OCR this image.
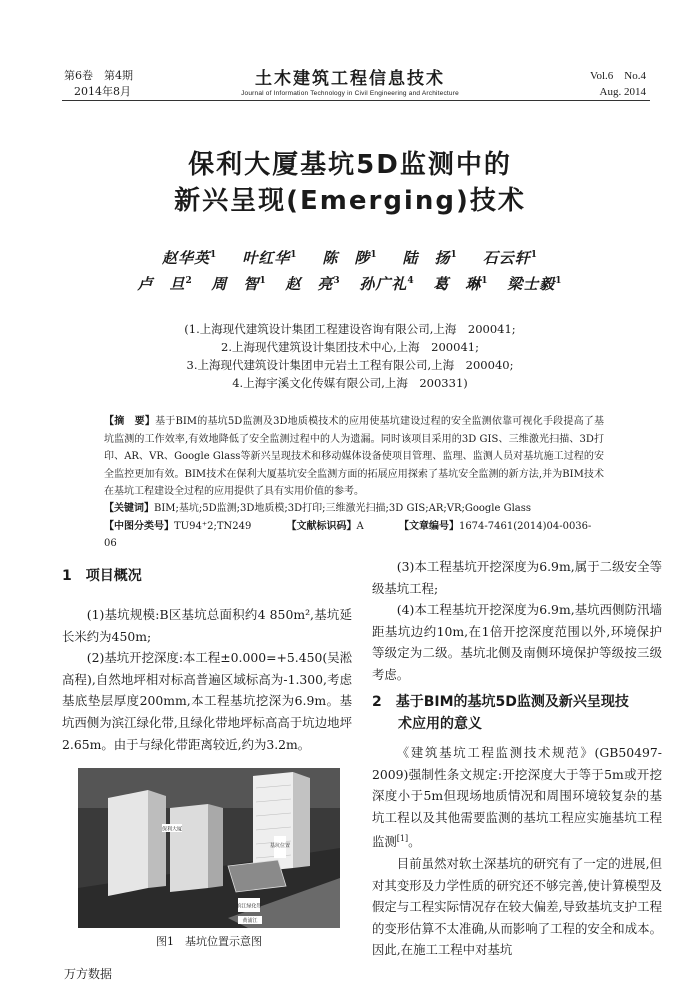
第6卷　第4期
2014年8月
土木建筑工程信息技术
Journal of Information Technology in Civil Engineering and Architecture
Vol.6　No.4
Aug. 2014
保利大厦基坑5D监测中的
新兴呈现(Emerging)技术
赵华英$^1$ 叶红华$^1$ 陈　陟$^1$ 陆　扬$^1$ 石云轩$^1$
卢　旦$^2$ 周　智$^1$ 赵　亮$^3$ 孙广礼$^4$ 葛　琳$^1$ 梁士毅$^1$
(1.上海现代建筑设计集团工程建设咨询有限公司,上海　200041;
2.上海现代建筑设计集团技术中心,上海　200041;
3.上海现代建筑设计集团申元岩土工程有限公司,上海　200040;
4.上海宇溪文化传媒有限公司,上海　200331)
【摘　要】基于BIM的基坑5D监测及3D地质模技术的应用使基坑建设过程的安全监测依靠可视化手段提高了基坑监测的工作效率,有效地降低了安全监测过程中的人为遗漏。同时该项目采用的3D GIS、三维激光扫描、3D打印、AR、VR、Google Glass等新兴呈现技术和移动媒体设备使项目管理、监理、监测人员对基坑施工过程的安全监控更加有效。BIM技术在保利大厦基坑安全监测方面的拓展应用探索了基坑安全监测的新方法,并为BIM技术在基坑工程建设全过程的应用提供了具有实用价值的参考。
【关键词】BIM;基坑;5D监测;3D地质模;3D打印;三维激光扫描;3D GIS;AR;VR;Google Glass
【中图分类号】TU94⁺2;TN249	【文献标识码】A	【文章编号】1674-7461(2014)04-0036-06
1　项目概况
(1)基坑规模:B区基坑总面积约4 850m²,基坑延长米约为450m;
(2)基坑开挖深度:本工程±0.000=+5.450(吴淞高程),自然地坪相对标高普遍区域标高为-1.300,考虑基底垫层厚度200mm,本工程基坑挖深为6.9m。基坑西侧为滨江绿化带,且绿化带地坪标高高于坑边地坪2.65m。由于与绿化带距离较近,约为3.2m。
保利大厦
基坑位置
滨江绿化带
黄浦江
图1　基坑位置示意图
(3)本工程基坑开挖深度为6.9m,属于二级安全等级基坑工程;
(4)本工程基坑开挖深度为6.9m,基坑西侧防汛墙距基坑边约10m,在1倍开挖深度范围以外,环境保护等级定为二级。基坑北侧及南侧环境保护等级按三级考虑。
2　基于BIM的基坑5D监测及新兴呈现技
术应用的意义
《建筑基坑工程监测技术规范》(GB50497-2009)强制性条文规定:开挖深度大于等于5m或开挖深度小于5m但现场地质情况和周围环境较复杂的基坑工程以及其他需要监测的基坑工程应实施基坑工程监测[1]。
目前虽然对软土深基坑的研究有了一定的进展,但对其变形及力学性质的研究还不够完善,使计算模型及假定与工程实际情况存在较大偏差,导致基坑支护工程的变形估算不太准确,从而影响了工程的安全和成本。因此,在施工工程中对基坑
万方数据
